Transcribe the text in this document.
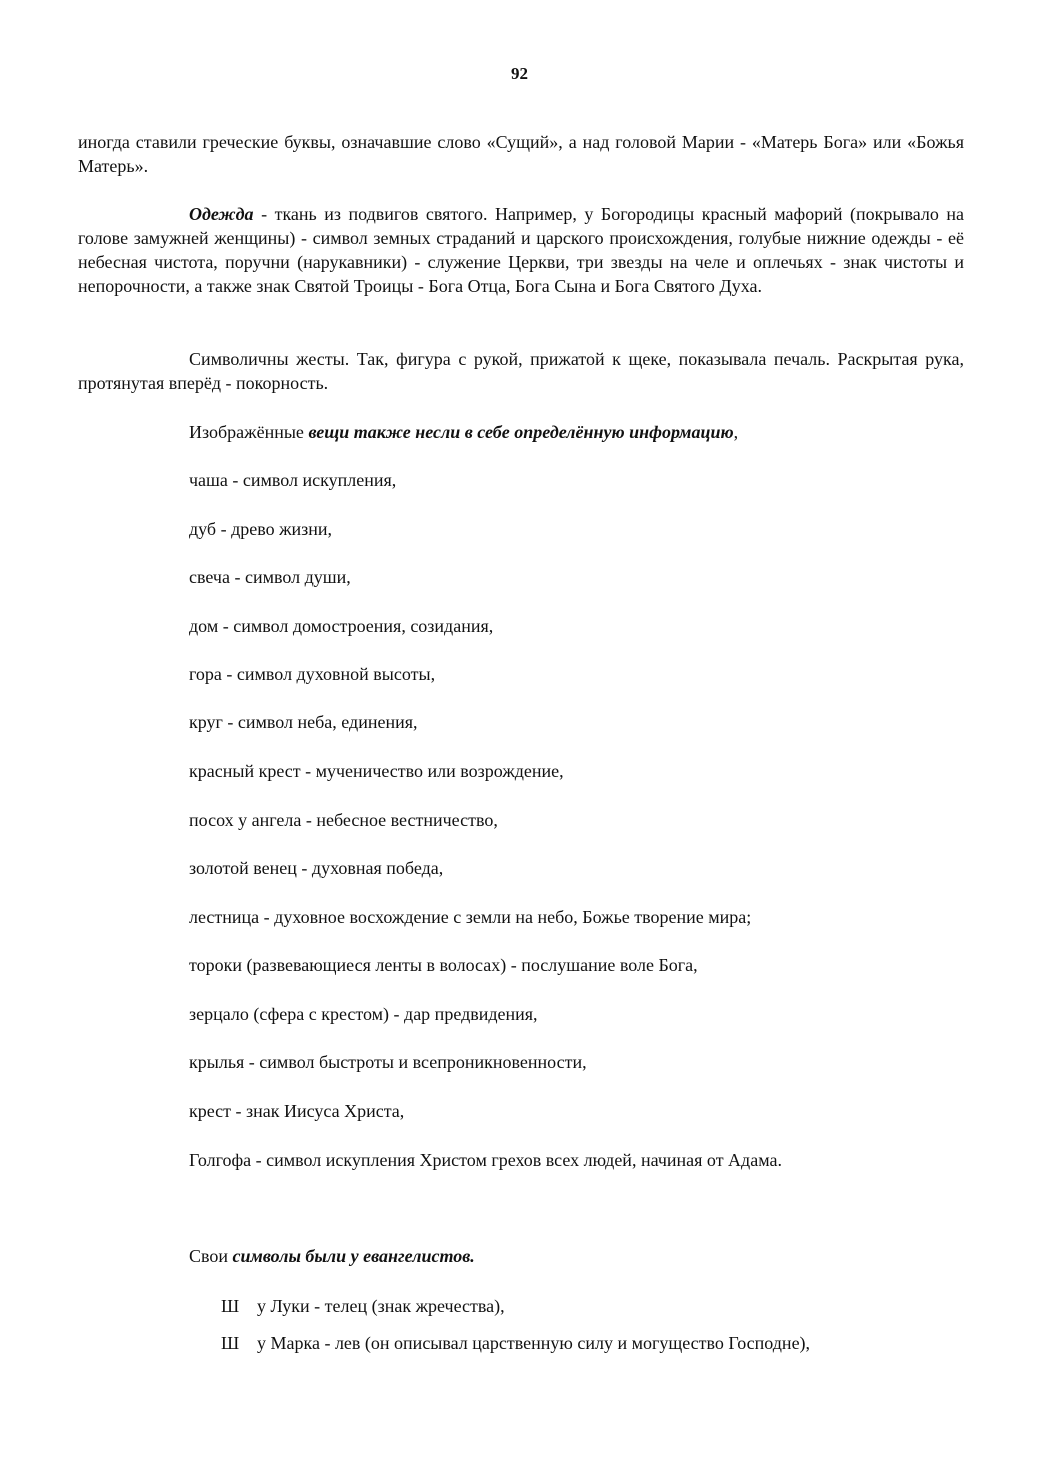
92
иногда ставили греческие буквы, означавшие слово «Сущий», а над головой Марии - «Матерь Бога» или «Божья Матерь».
Одежда - ткань из подвигов святого. Например, у Богородицы красный мафорий (покрывало на голове замужней женщины) - символ земных страданий и царского происхождения, голубые нижние одежды - её небесная чистота, поручни (нарукавники) - служение Церкви, три звезды на челе и оплечьях - знак чистоты и непорочности, а также знак Святой Троицы - Бога Отца, Бога Сына и Бога Святого Духа.
Символичны жесты. Так, фигура с рукой, прижатой к щеке, показывала печаль. Раскрытая рука, протянутая вперёд - покорность.
Изображённые вещи также несли в себе определённую информацию,
чаша - символ искупления,
дуб - древо жизни,
свеча - символ души,
дом - символ домостроения, созидания,
гора - символ духовной высоты,
круг - символ неба, единения,
красный крест - мученичество или возрождение,
посох у ангела - небесное вестничество,
золотой венец - духовная победа,
лестница - духовное восхождение с земли на небо, Божье творение мира;
тороки (развевающиеся ленты в волосах) - послушание воле Бога,
зерцало (сфера с крестом) - дар предвидения,
крылья - символ быстроты и всепроникновенности,
крест - знак Иисуса Христа,
Голгофа - символ искупления Христом грехов всех людей, начиная от Адама.
Свои символы были у евангелистов.
Ш у Луки - телец (знак жречества),
Ш у Марка - лев (он описывал царственную силу и могущество Господне),
